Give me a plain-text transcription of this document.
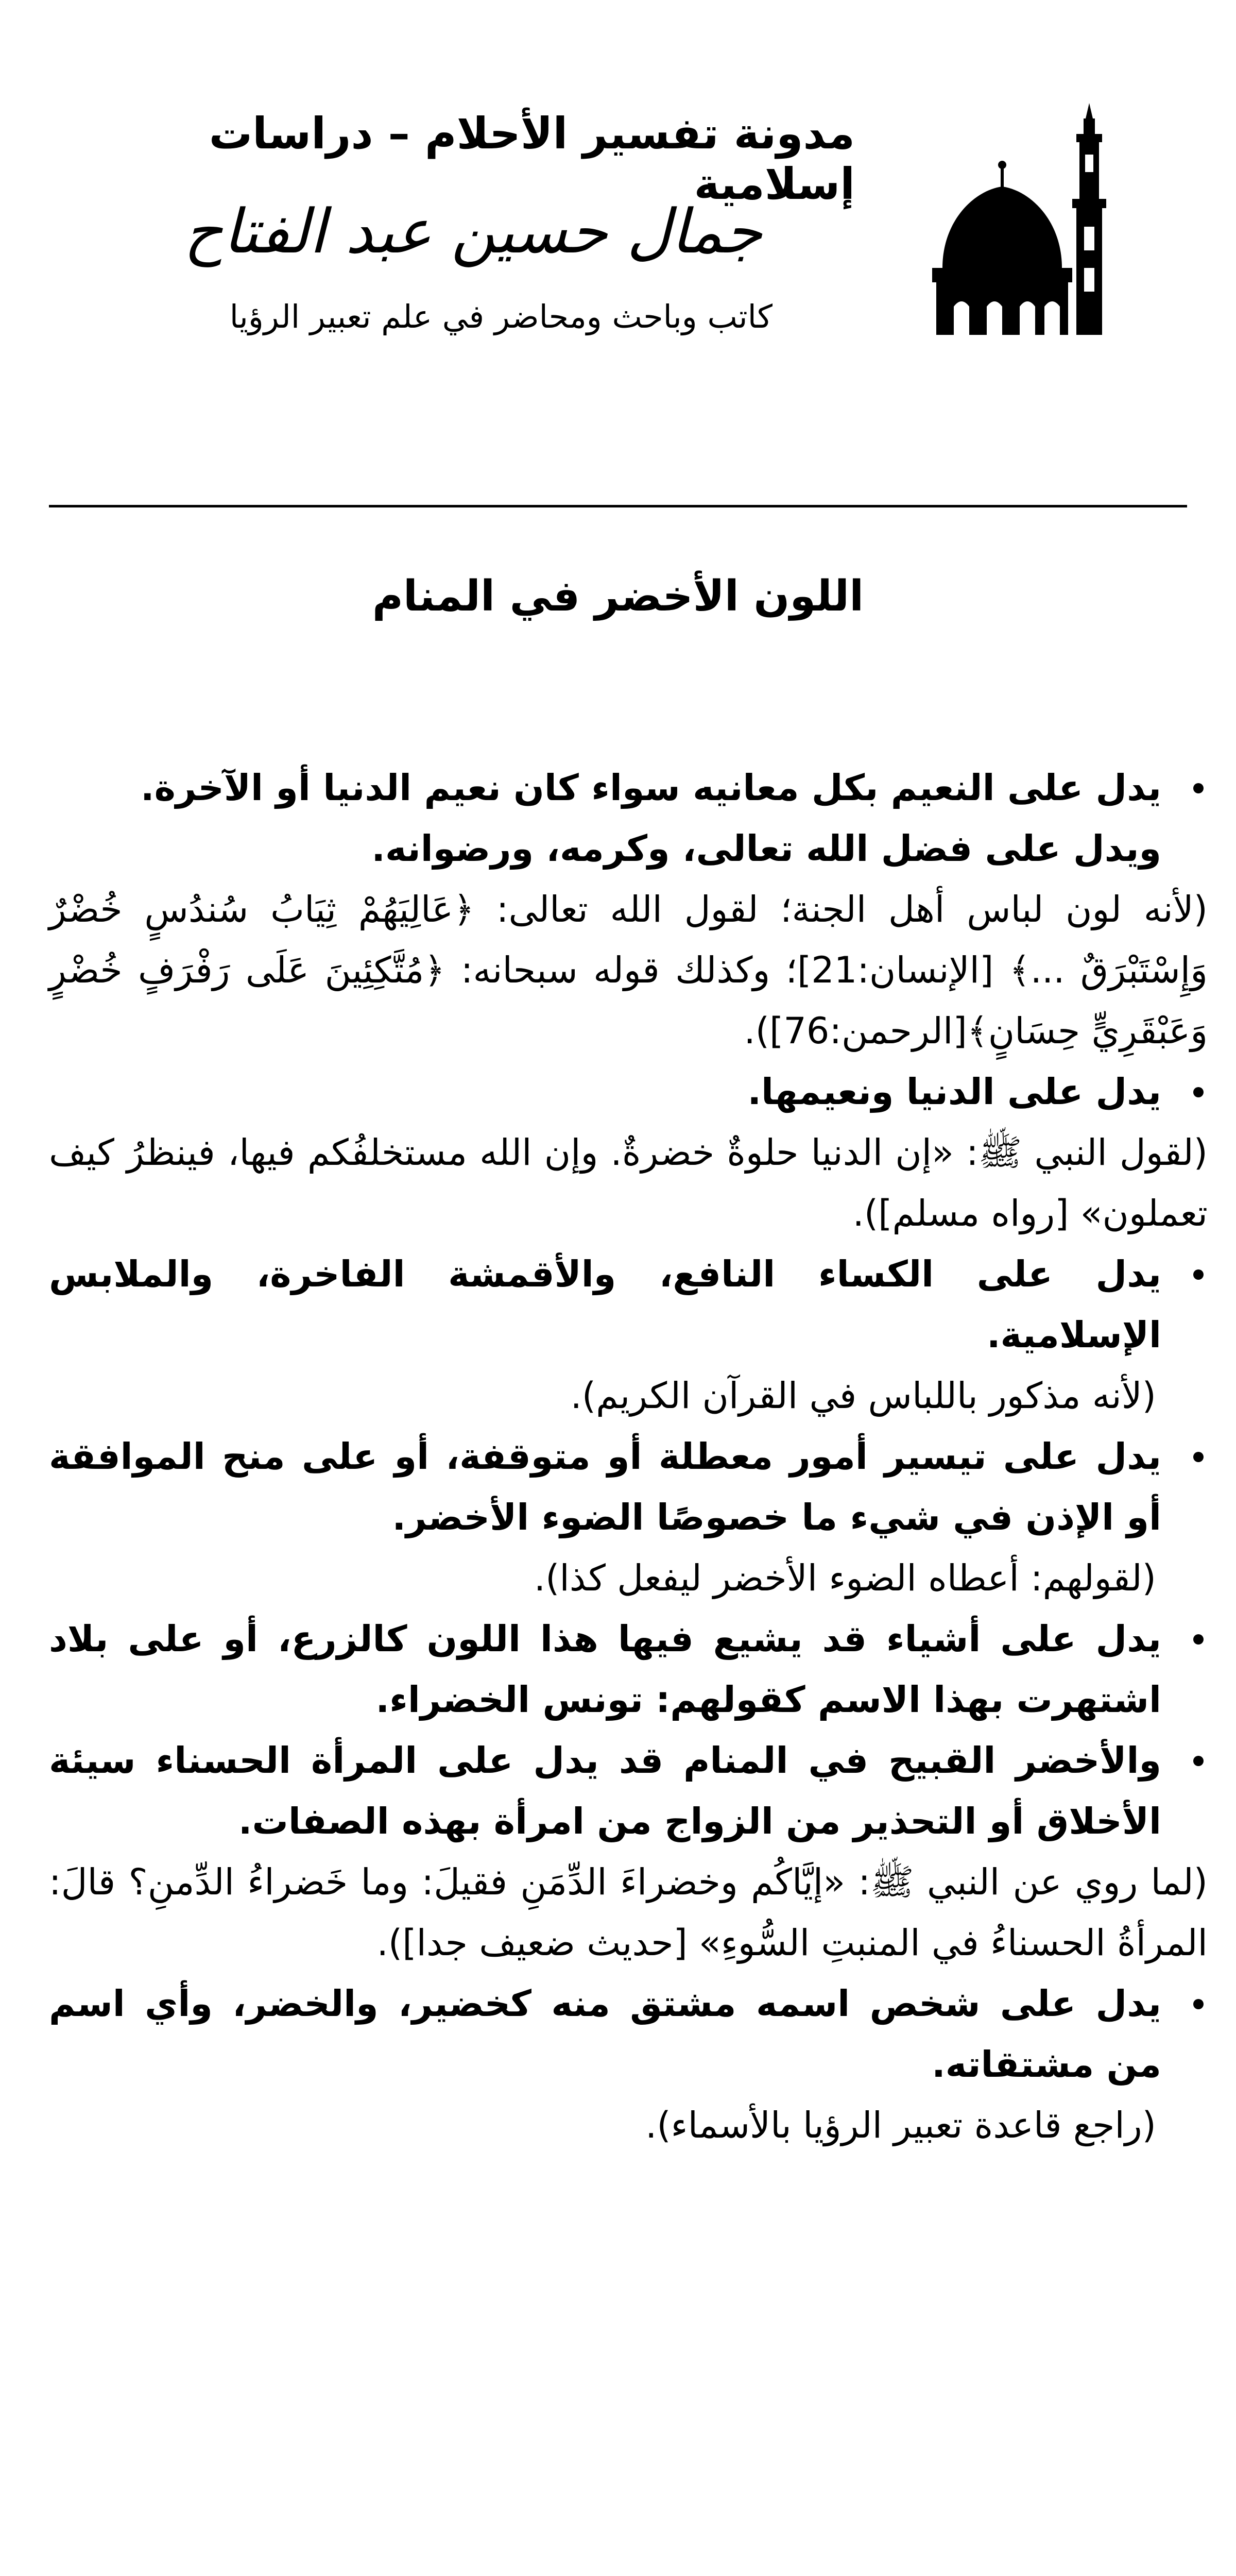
مدونة تفسير الأحلام – دراسات إسلامية
جمال حسين عبد الفتاح
كاتب وباحث ومحاضر في علم تعبير الرؤيا
اللون الأخضر في المنام
يدل على النعيم بكل معانيه سواء كان نعيم الدنيا أو الآخرة.
ويدل على فضل الله تعالى، وكرمه، ورضوانه.
(لأنه لون لباس أهل الجنة؛ لقول الله تعالى: ﴿عَالِيَهُمْ ثِيَابُ سُندُسٍ خُضْرٌ وَإِسْتَبْرَقٌ ...﴾ [الإنسان:21]؛ وكذلك قوله سبحانه: ﴿مُتَّكِئِينَ عَلَى رَفْرَفٍ خُضْرٍ وَعَبْقَرِيٍّ حِسَانٍ﴾[الرحمن:76]).
يدل على الدنيا ونعيمها.
(لقول النبي ﷺ: «إن الدنيا حلوةٌ خضرةٌ. وإن الله مستخلفُكم فيها، فينظرُ كيف تعملون» [رواه مسلم]).
يدل على الكساء النافع، والأقمشة الفاخرة، والملابس الإسلامية.
(لأنه مذكور باللباس في القرآن الكريم).
يدل على تيسير أمور معطلة أو متوقفة، أو على منح الموافقة أو الإذن في شيء ما خصوصًا الضوء الأخضر.
(لقولهم: أعطاه الضوء الأخضر ليفعل كذا).
يدل على أشياء قد يشيع فيها هذا اللون كالزرع، أو على بلاد اشتهرت بهذا الاسم كقولهم: تونس الخضراء.
والأخضر القبيح في المنام قد يدل على المرأة الحسناء سيئة الأخلاق أو التحذير من الزواج من امرأة بهذه الصفات.
(لما روي عن النبي ﷺ: «إيَّاكُم وخضراءَ الدِّمَنِ فقيلَ: وما خَضراءُ الدِّمنِ؟ قالَ: المرأةُ الحسناءُ في المنبتِ السُّوءِ» [حديث ضعيف جدا]).
يدل على شخص اسمه مشتق منه كخضير، والخضر، وأي اسم من مشتقاته.
(راجع قاعدة تعبير الرؤيا بالأسماء).
